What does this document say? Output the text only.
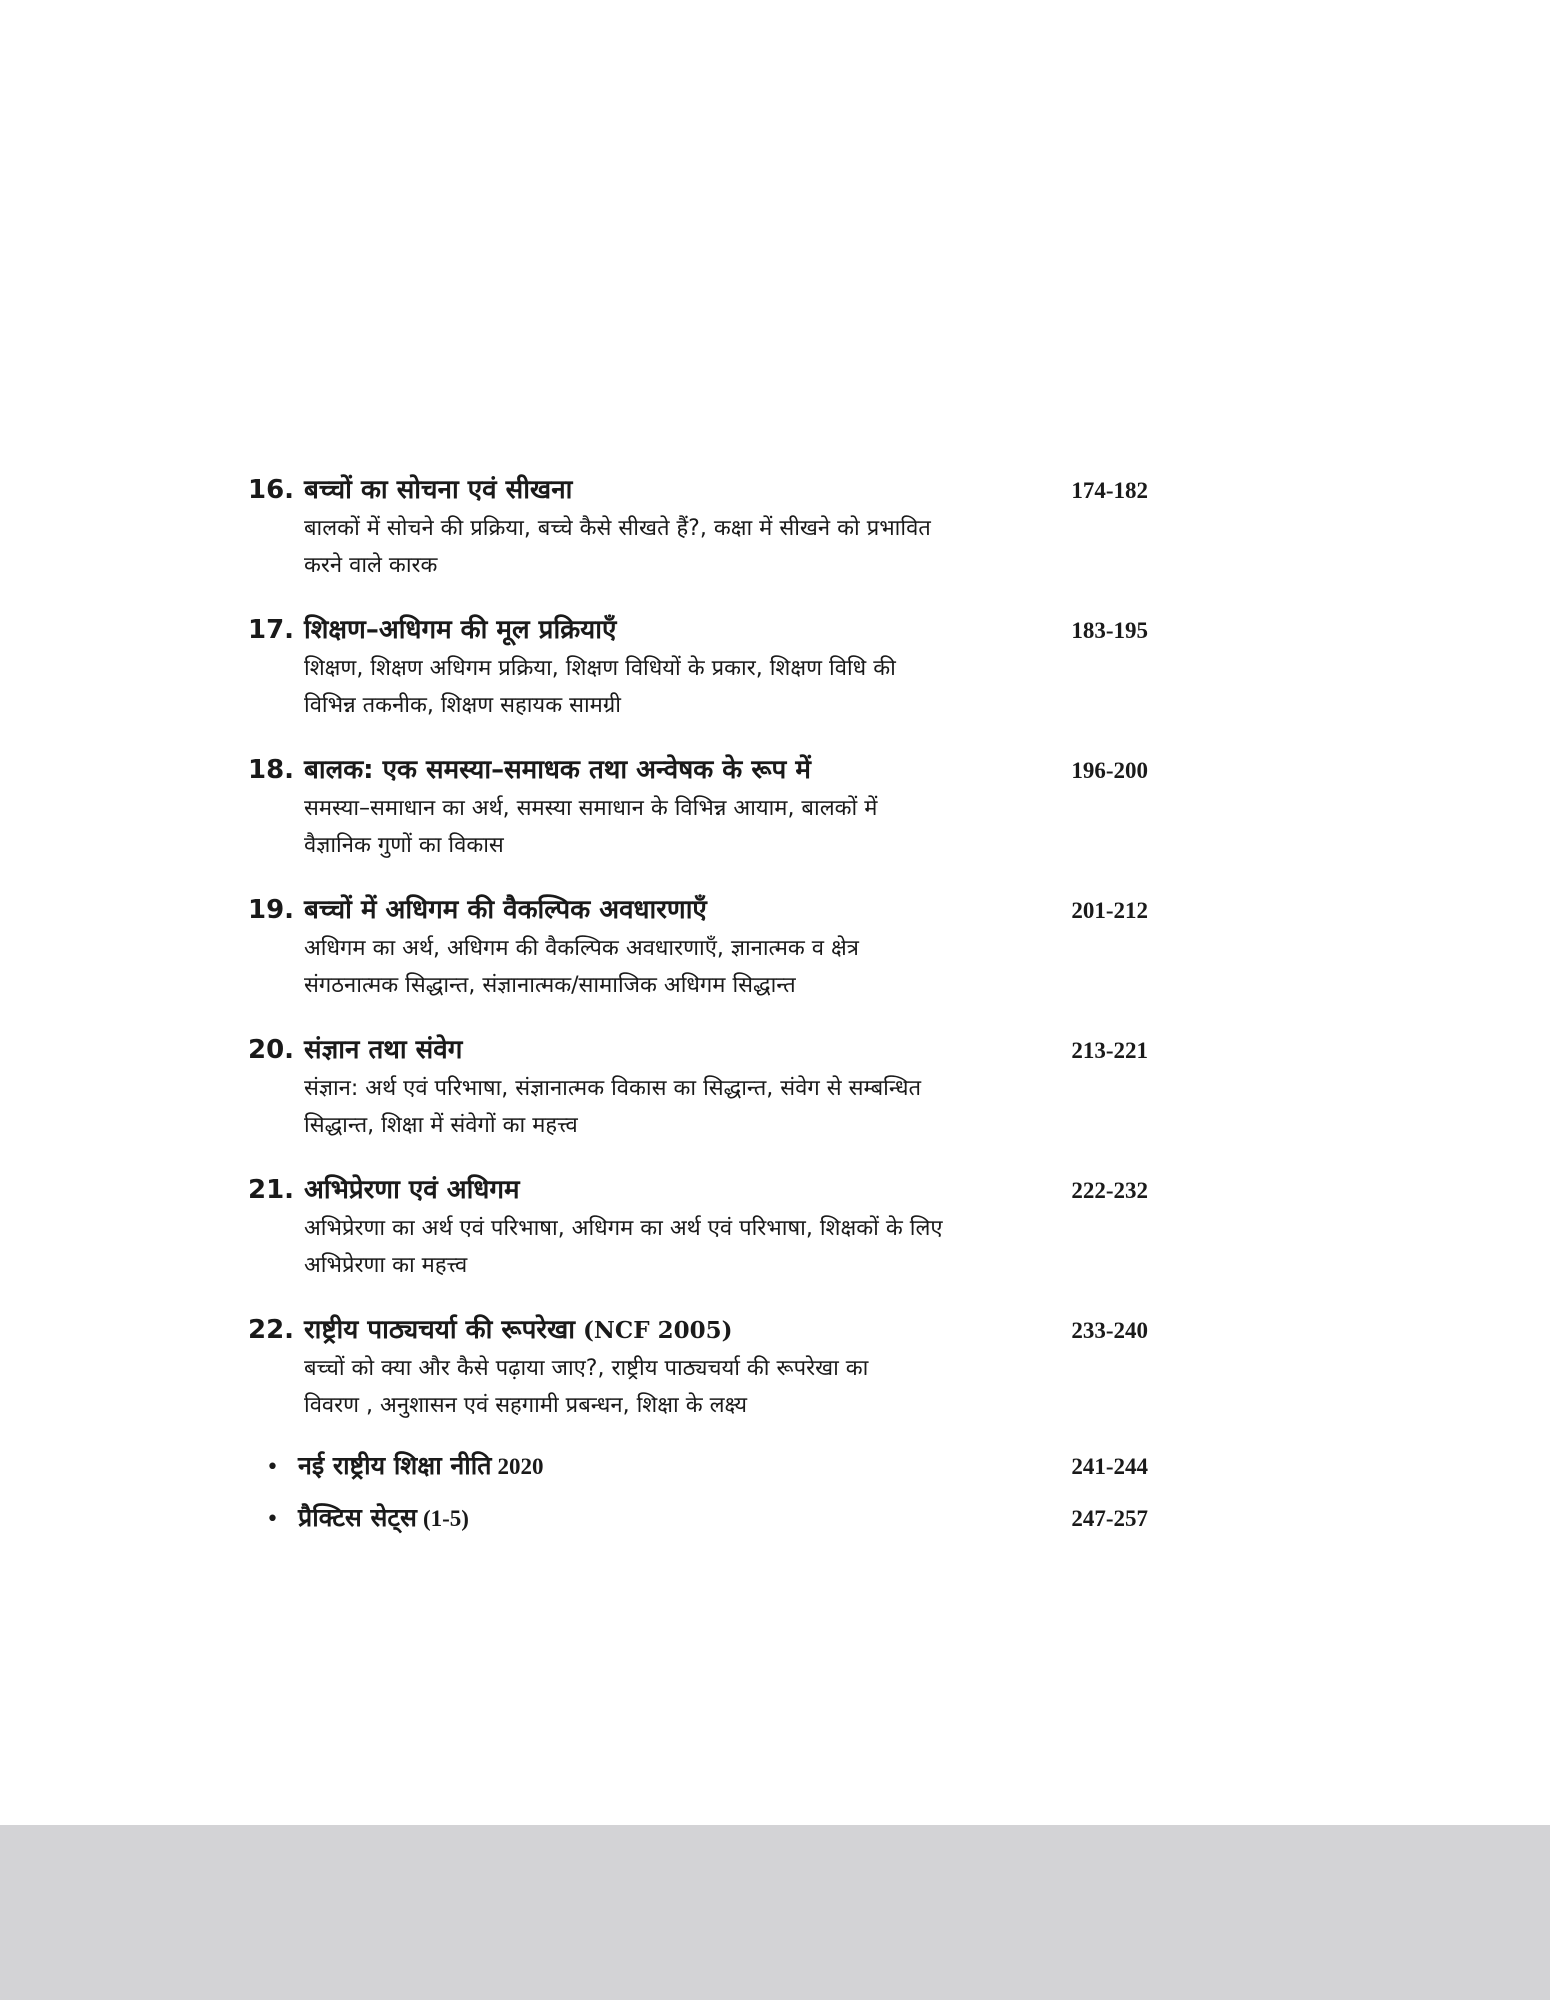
16. बच्चों का सोचना एवं सीखना	174-182
बालकों में सोचने की प्रक्रिया, बच्चे कैसे सीखते हैं?, कक्षा में सीखने को प्रभावित
करने वाले कारक
17. शिक्षण–अधिगम की मूल प्रक्रियाएँ	183-195
शिक्षण, शिक्षण अधिगम प्रक्रिया, शिक्षण विधियों के प्रकार, शिक्षण विधि की
विभिन्न तकनीक, शिक्षण सहायक सामग्री
18. बालक: एक समस्या–समाधक तथा अन्वेषक के रूप में	196-200
समस्या–समाधान का अर्थ, समस्या समाधान के विभिन्न आयाम, बालकों में
वैज्ञानिक गुणों का विकास
19. बच्चों में अधिगम की वैकल्पिक अवधारणाएँ	201-212
अधिगम का अर्थ, अधिगम की वैकल्पिक अवधारणाएँ, ज्ञानात्मक व क्षेत्र
संगठनात्मक सिद्धान्त, संज्ञानात्मक/सामाजिक अधिगम सिद्धान्त
20. संज्ञान तथा संवेग	213-221
संज्ञान: अर्थ एवं परिभाषा, संज्ञानात्मक विकास का सिद्धान्त, संवेग से सम्बन्धित
सिद्धान्त, शिक्षा में संवेगों का महत्त्व
21. अभिप्रेरणा एवं अधिगम	222-232
अभिप्रेरणा का अर्थ एवं परिभाषा, अधिगम का अर्थ एवं परिभाषा, शिक्षकों के लिए
अभिप्रेरणा का महत्त्व
22. राष्ट्रीय पाठ्यचर्या की रूपरेखा (NCF 2005)	233-240
बच्चों को क्या और कैसे पढ़ाया जाए?, राष्ट्रीय पाठ्यचर्या की रूपरेखा का
विवरण , अनुशासन एवं सहगामी प्रबन्धन, शिक्षा के लक्ष्य
• नई राष्ट्रीय शिक्षा नीति 2020	241-244
• प्रैक्टिस सेट्स (1-5)	247-257
